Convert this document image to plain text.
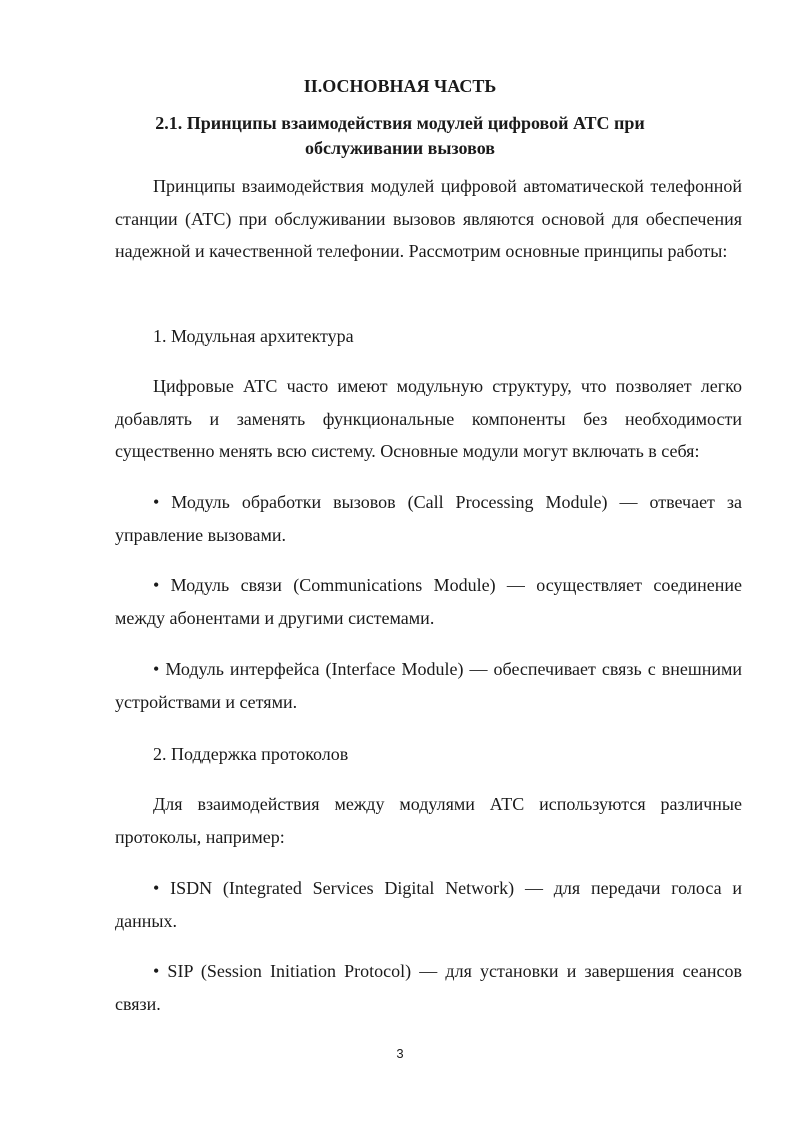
II.ОСНОВНАЯ ЧАСТЬ
2.1. Принципы взаимодействия модулей цифровой АТС при обслуживании вызовов

Принципы взаимодействия модулей цифровой автоматической телефонной станции (АТС) при обслуживании вызовов являются основой для обеспечения надежной и качественной телефонии. Рассмотрим основные принципы работы:

1. Модульная архитектура

Цифровые АТС часто имеют модульную структуру, что позволяет легко добавлять и заменять функциональные компоненты без необходимости существенно менять всю систему. Основные модули могут включать в себя:

• Модуль обработки вызовов (Call Processing Module) — отвечает за управление вызовами.

• Модуль связи (Communications Module) — осуществляет соединение между абонентами и другими системами.

• Модуль интерфейса (Interface Module) — обеспечивает связь с внешними устройствами и сетями.

2. Поддержка протоколов

Для взаимодействия между модулями АТС используются различные протоколы, например:

• ISDN (Integrated Services Digital Network) — для передачи голоса и данных.

• SIP (Session Initiation Protocol) — для установки и завершения сеансов связи.

3
